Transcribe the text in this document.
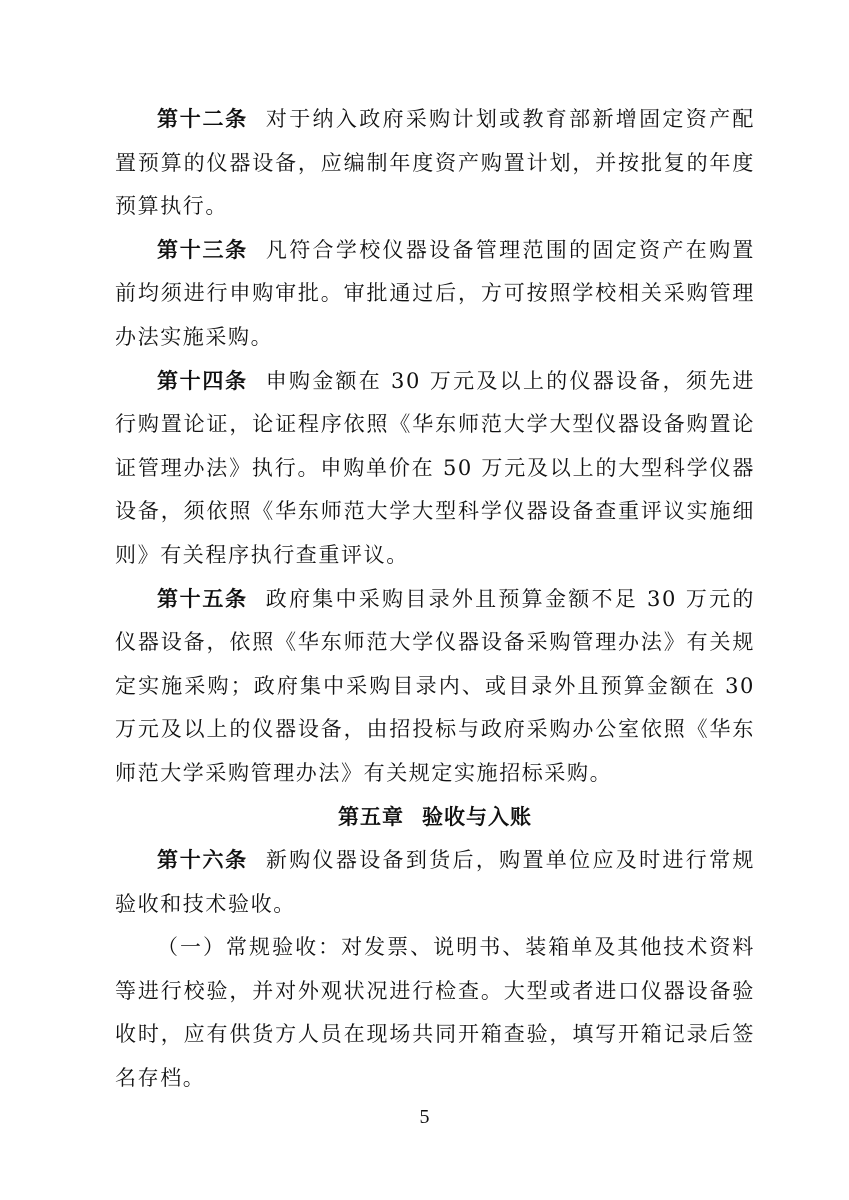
第十二条 对于纳入政府采购计划或教育部新增固定资产配置预算的仪器设备，应编制年度资产购置计划，并按批复的年度预算执行。

第十三条 凡符合学校仪器设备管理范围的固定资产在购置前均须进行申购审批。审批通过后，方可按照学校相关采购管理办法实施采购。

第十四条 申购金额在 30 万元及以上的仪器设备，须先进行购置论证，论证程序依照《华东师范大学大型仪器设备购置论证管理办法》执行。申购单价在 50 万元及以上的大型科学仪器设备，须依照《华东师范大学大型科学仪器设备查重评议实施细则》有关程序执行查重评议。

第十五条 政府集中采购目录外且预算金额不足 30 万元的仪器设备，依照《华东师范大学仪器设备采购管理办法》有关规定实施采购；政府集中采购目录内、或目录外且预算金额在 30 万元及以上的仪器设备，由招投标与政府采购办公室依照《华东师范大学采购管理办法》有关规定实施招标采购。

第五章 验收与入账

第十六条 新购仪器设备到货后，购置单位应及时进行常规验收和技术验收。

（一）常规验收：对发票、说明书、装箱单及其他技术资料等进行校验，并对外观状况进行检查。大型或者进口仪器设备验收时，应有供货方人员在现场共同开箱查验，填写开箱记录后签名存档。

5
